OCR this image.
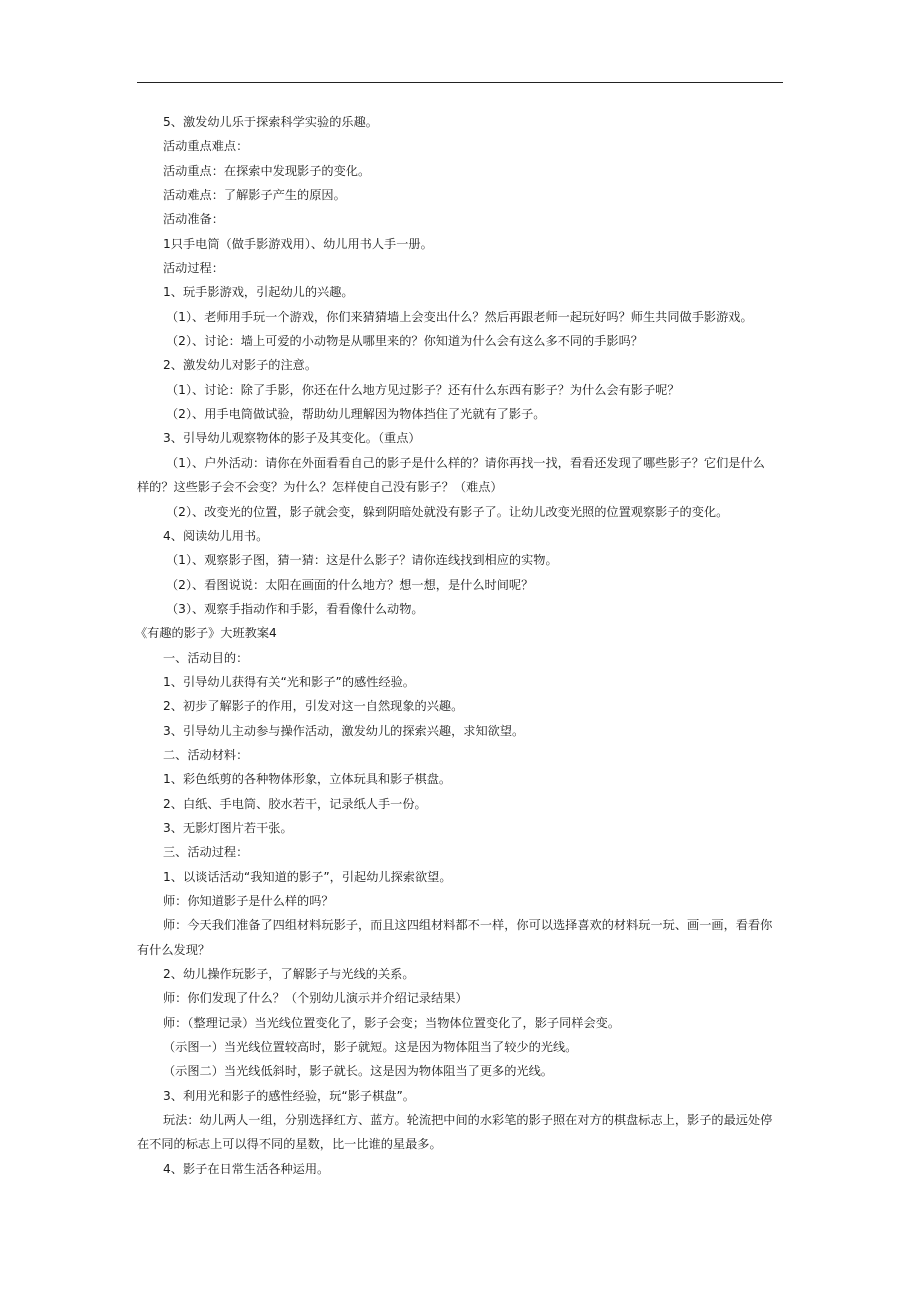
5、激发幼儿乐于探索科学实验的乐趣。
活动重点难点：
活动重点：在探索中发现影子的变化。
活动难点：了解影子产生的原因。
活动准备：
1只手电筒（做手影游戏用）、幼儿用书人手一册。
活动过程：
1、玩手影游戏，引起幼儿的兴趣。
（1）、老师用手玩一个游戏，你们来猜猜墙上会变出什么？然后再跟老师一起玩好吗？师生共同做手影游戏。
（2）、讨论：墙上可爱的小动物是从哪里来的？你知道为什么会有这么多不同的手影吗？
2、激发幼儿对影子的注意。
（1）、讨论：除了手影，你还在什么地方见过影子？还有什么东西有影子？为什么会有影子呢？
（2）、用手电筒做试验，帮助幼儿理解因为物体挡住了光就有了影子。
3、引导幼儿观察物体的影子及其变化。（重点）
（1）、户外活动：请你在外面看看自己的影子是什么样的？请你再找一找，看看还发现了哪些影子？它们是什么
样的？这些影子会不会变？为什么？怎样使自己没有影子？（难点）
（2）、改变光的位置，影子就会变，躲到阴暗处就没有影子了。让幼儿改变光照的位置观察影子的变化。
4、阅读幼儿用书。
（1）、观察影子图，猜一猜：这是什么影子？请你连线找到相应的实物。
（2）、看图说说：太阳在画面的什么地方？想一想，是什么时间呢？
（3）、观察手指动作和手影，看看像什么动物。
《有趣的影子》大班教案4
一、活动目的：
1、引导幼儿获得有关“光和影子”的感性经验。
2、初步了解影子的作用，引发对这一自然现象的兴趣。
3、引导幼儿主动参与操作活动，激发幼儿的探索兴趣，求知欲望。
二、活动材料：
1、彩色纸剪的各种物体形象，立体玩具和影子棋盘。
2、白纸、手电筒、胶水若干，记录纸人手一份。
3、无影灯图片若干张。
三、活动过程：
1、以谈话活动“我知道的影子”，引起幼儿探索欲望。
师：你知道影子是什么样的吗？
师：今天我们准备了四组材料玩影子，而且这四组材料都不一样，你可以选择喜欢的材料玩一玩、画一画，看看你
有什么发现？
2、幼儿操作玩影子，了解影子与光线的关系。
师：你们发现了什么？（个别幼儿演示并介绍记录结果）
师：（整理记录）当光线位置变化了，影子会变；当物体位置变化了，影子同样会变。
（示图一）当光线位置较高时，影子就短。这是因为物体阻当了较少的光线。
（示图二）当光线低斜时，影子就长。这是因为物体阻当了更多的光线。
3、利用光和影子的感性经验，玩“影子棋盘”。
玩法：幼儿两人一组，分别选择红方、蓝方。轮流把中间的水彩笔的影子照在对方的棋盘标志上，影子的最远处停
在不同的标志上可以得不同的星数，比一比谁的星最多。
4、影子在日常生活各种运用。
